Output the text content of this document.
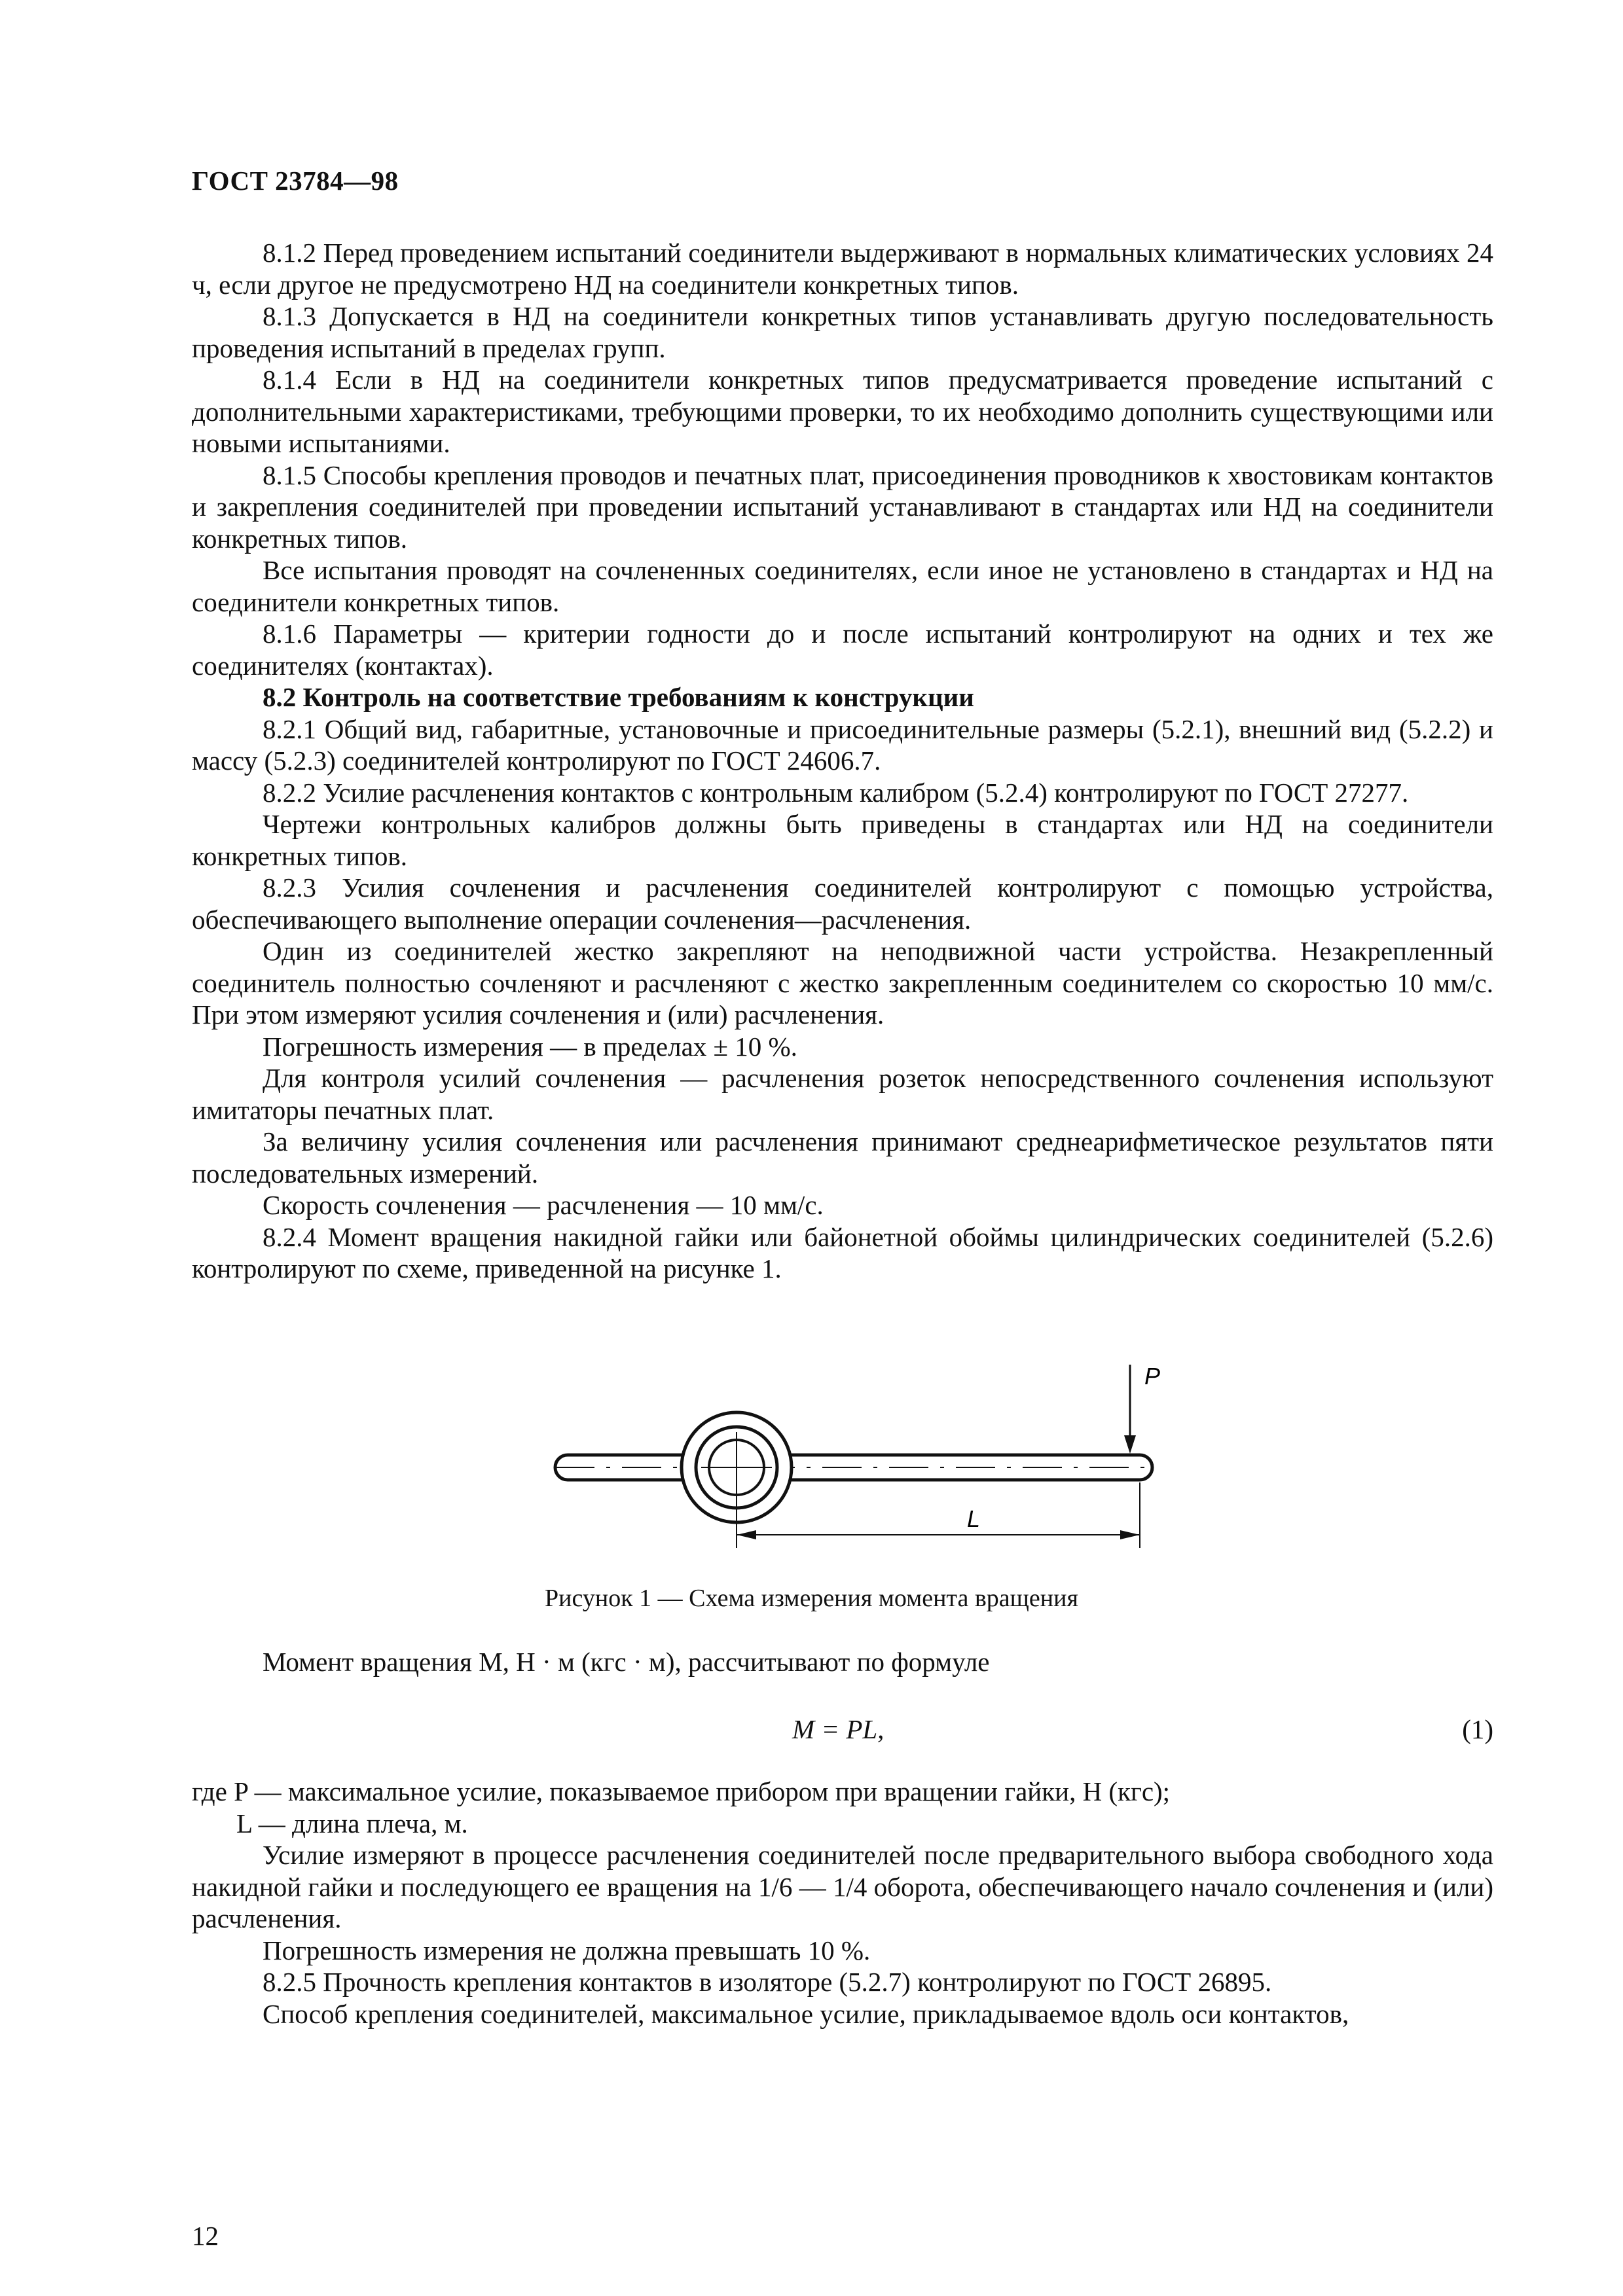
ГОСТ 23784—98

8.1.2 Перед проведением испытаний соединители выдерживают в нормальных климатических условиях 24 ч, если другое не предусмотрено НД на соединители конкретных типов.

8.1.3 Допускается в НД на соединители конкретных типов устанавливать другую последовательность проведения испытаний в пределах групп.

8.1.4 Если в НД на соединители конкретных типов предусматривается проведение испытаний с дополнительными характеристиками, требующими проверки, то их необходимо дополнить существующими или новыми испытаниями.

8.1.5 Способы крепления проводов и печатных плат, присоединения проводников к хвостовикам контактов и закрепления соединителей при проведении испытаний устанавливают в стандартах или НД на соединители конкретных типов.

Все испытания проводят на сочлененных соединителях, если иное не установлено в стандартах и НД на соединители конкретных типов.

8.1.6 Параметры — критерии годности до и после испытаний контролируют на одних и тех же соединителях (контактах).

8.2 Контроль на соответствие требованиям к конструкции

8.2.1 Общий вид, габаритные, установочные и присоединительные размеры (5.2.1), внешний вид (5.2.2) и массу (5.2.3) соединителей контролируют по ГОСТ 24606.7.

8.2.2 Усилие расчленения контактов с контрольным калибром (5.2.4) контролируют по ГОСТ 27277.

Чертежи контрольных калибров должны быть приведены в стандартах или НД на соединители конкретных типов.

8.2.3 Усилия сочленения и расчленения соединителей контролируют с помощью устройства, обеспечивающего выполнение операции сочленения—расчленения.

Один из соединителей жестко закрепляют на неподвижной части устройства. Незакрепленный соединитель полностью сочленяют и расчленяют с жестко закрепленным соединителем со скоростью 10 мм/с. При этом измеряют усилия сочленения и (или) расчленения.

Погрешность измерения — в пределах ± 10 %.

Для контроля усилий сочленения — расчленения розеток непосредственного сочленения используют имитаторы печатных плат.

За величину усилия сочленения или расчленения принимают среднеарифметическое результатов пяти последовательных измерений.

Скорость сочленения — расчленения — 10 мм/с.

8.2.4 Момент вращения накидной гайки или байонетной обоймы цилиндрических соединителей (5.2.6) контролируют по схеме, приведенной на рисунке 1.

L
P
Рисунок 1 — Схема измерения момента вращения

Момент вращения M, Н · м (кгс · м), рассчитывают по формуле

M = PL,	(1)

где P — максимальное усилие, показываемое прибором при вращении гайки, Н (кгс);

L — длина плеча, м.

Усилие измеряют в процессе расчленения соединителей после предварительного выбора свободного хода накидной гайки и последующего ее вращения на 1/6 — 1/4 оборота, обеспечивающего начало сочленения и (или) расчленения.

Погрешность измерения не должна превышать 10 %.

8.2.5 Прочность крепления контактов в изоляторе (5.2.7) контролируют по ГОСТ 26895.

Способ крепления соединителей, максимальное усилие, прикладываемое вдоль оси контактов,

12
